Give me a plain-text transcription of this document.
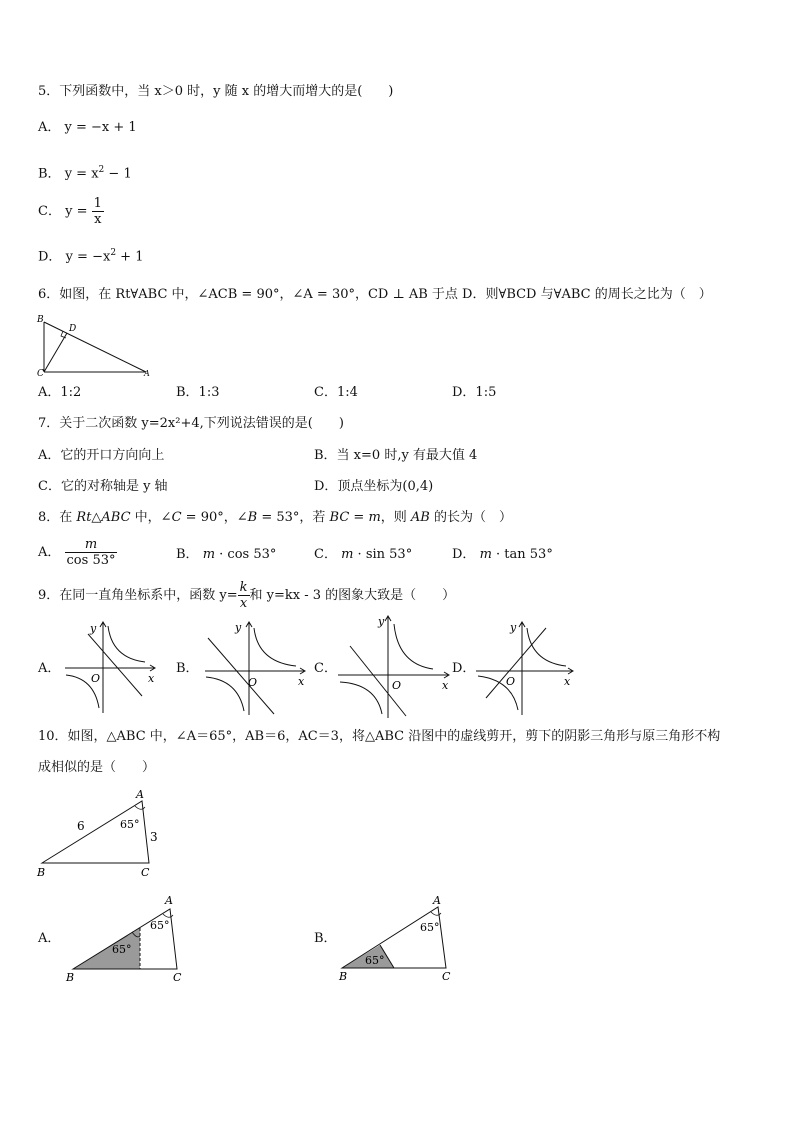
5．下列函数中，当 x＞0 时，y 随 x 的增大而增大的是(　　)
A． y = −x + 1
B． $y = x^2 - 1$
C． $y = \frac{1}{x}$
D． $y = -x^2 + 1$
6．如图，在 Rt∀ABC 中，∠ACB = 90°，∠A = 30°，CD ⊥ AB 于点 D．则∀BCD 与∀ABC 的周长之比为（　）
B
D
C	A
A．1:2	B．1:3	C．1:4	D．1:5
7．关于二次函数 y=2x²+4,下列说法错误的是(　　)
A．它的开口方向向上	B．当 x=0 时,y 有最大值 4
C．它的对称轴是 y 轴	D．顶点坐标为(0,4)
8．在 Rt△ABC 中，∠C = 90°，∠B = 53°，若 BC = m，则 AB 的长为（　）
A． $\frac{m}{\cos 53^\circ}$	B． m · cos 53°	C． m · sin 53°	D． m · tan 53°
9．在同一直角坐标系中，函数 $y= \frac{k}{x}$ 和 y=kx - 3 的图象大致是（　　）
A．	B．	C．	D．
y
x
O
y
x
O
y
x
O
y
x
O
10．如图，△ABC 中，∠A＝65°，AB＝6，AC＝3，将△ABC 沿图中的虚线剪开，剪下的阴影三角形与原三角形不构
成相似的是（　　）
A
B	C
6
3
65°
A．
A
B	C
65°
65°
B．
A
B	C
65°
65°
